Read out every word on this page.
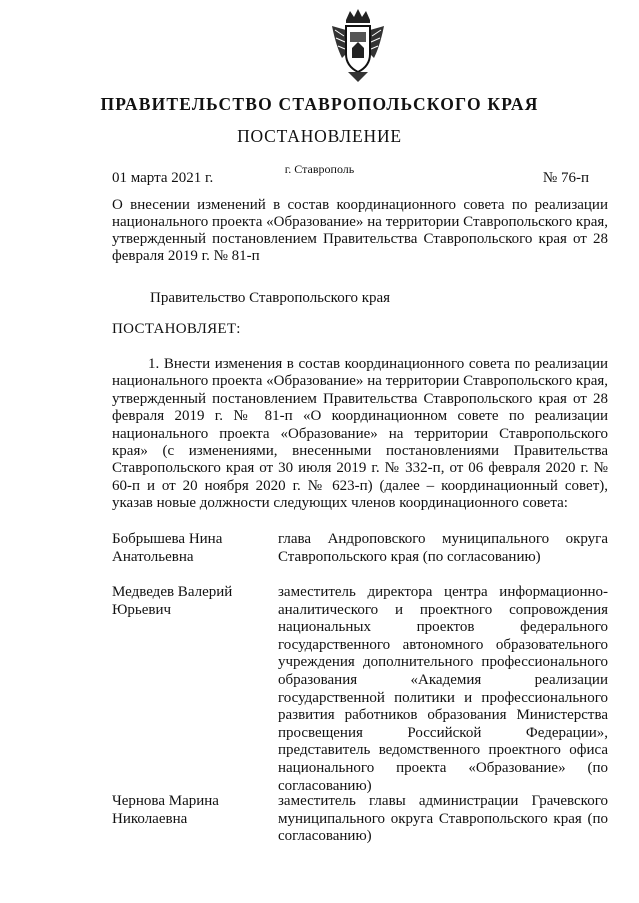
ПРАВИТЕЛЬСТВО СТАВРОПОЛЬСКОГО КРАЯ
ПОСТАНОВЛЕНИЕ
г. Ставрополь
01 марта 2021 г.	№ 76-п
О внесении изменений в состав координационного совета по реализации национального проекта «Образование» на территории Ставропольского края, утвержденный постановлением Правительства Ставропольского края от 28 февраля 2019 г. № 81-п
Правительство Ставропольского края
ПОСТАНОВЛЯЕТ:
1. Внести изменения в состав координационного совета по реализации национального проекта «Образование» на территории Ставропольского края, утвержденный постановлением Правительства Ставропольского края от 28 февраля 2019 г. № 81-п «О координационном совете по реализации национального проекта «Образование» на территории Ставропольского края» (с изменениями, внесенными постановлениями Правительства Ставропольского края от 30 июля 2019 г. № 332-п, от 06 февраля 2020 г. № 60-п и от 20 ноября 2020 г. № 623-п) (далее – координационный совет), указав новые должности следующих членов координационного совета:
Бобрышева Нина Анатольевна
глава Андроповского муниципального округа Ставропольского края (по согласованию)
Медведев Валерий Юрьевич
заместитель директора центра информационно-аналитического и проектного сопровождения национальных проектов федерального государственного автономного образовательного учреждения дополнительного профессионального образования «Академия реализации государственной политики и профессионального развития работников образования Министерства просвещения Российской Федерации», представитель ведомственного проектного офиса национального проекта «Образование» (по согласованию)
Чернова Марина Николаевна
заместитель главы администрации Грачевского муниципального округа Ставропольского края (по согласованию)
